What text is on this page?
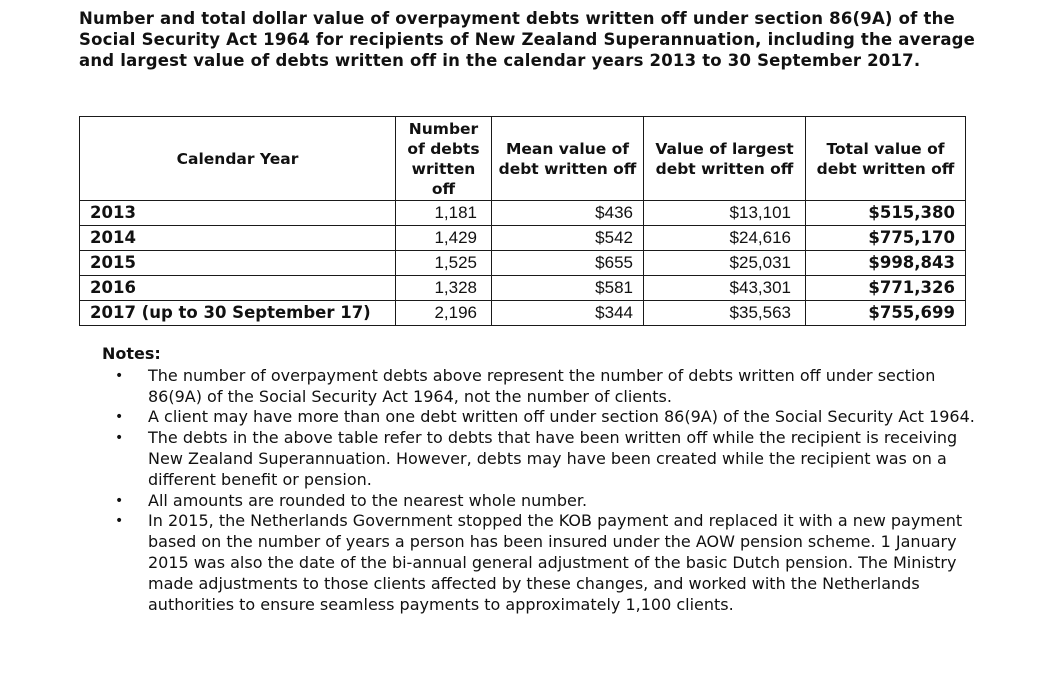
Number and total dollar value of overpayment debts written off under section 86(9A) of the Social Security Act 1964 for recipients of New Zealand Superannuation, including the average and largest value of debts written off in the calendar years 2013 to 30 September 2017.

Calendar Year	Number of debts written off	Mean value of debt written off	Value of largest debt written off	Total value of debt written off
2013	1,181	$436	$13,101	$515,380
2014	1,429	$542	$24,616	$775,170
2015	1,525	$655	$25,031	$998,843
2016	1,328	$581	$43,301	$771,326
2017 (up to 30 September 17)	2,196	$344	$35,563	$755,699
Notes:
• The number of overpayment debts above represent the number of debts written off under section 86(9A) of the Social Security Act 1964, not the number of clients.
• A client may have more than one debt written off under section 86(9A) of the Social Security Act 1964.
• The debts in the above table refer to debts that have been written off while the recipient is receiving New Zealand Superannuation. However, debts may have been created while the recipient was on a different benefit or pension.
• All amounts are rounded to the nearest whole number.
• In 2015, the Netherlands Government stopped the KOB payment and replaced it with a new payment based on the number of years a person has been insured under the AOW pension scheme. 1 January 2015 was also the date of the bi-annual general adjustment of the basic Dutch pension. The Ministry made adjustments to those clients affected by these changes, and worked with the Netherlands authorities to ensure seamless payments to approximately 1,100 clients.
